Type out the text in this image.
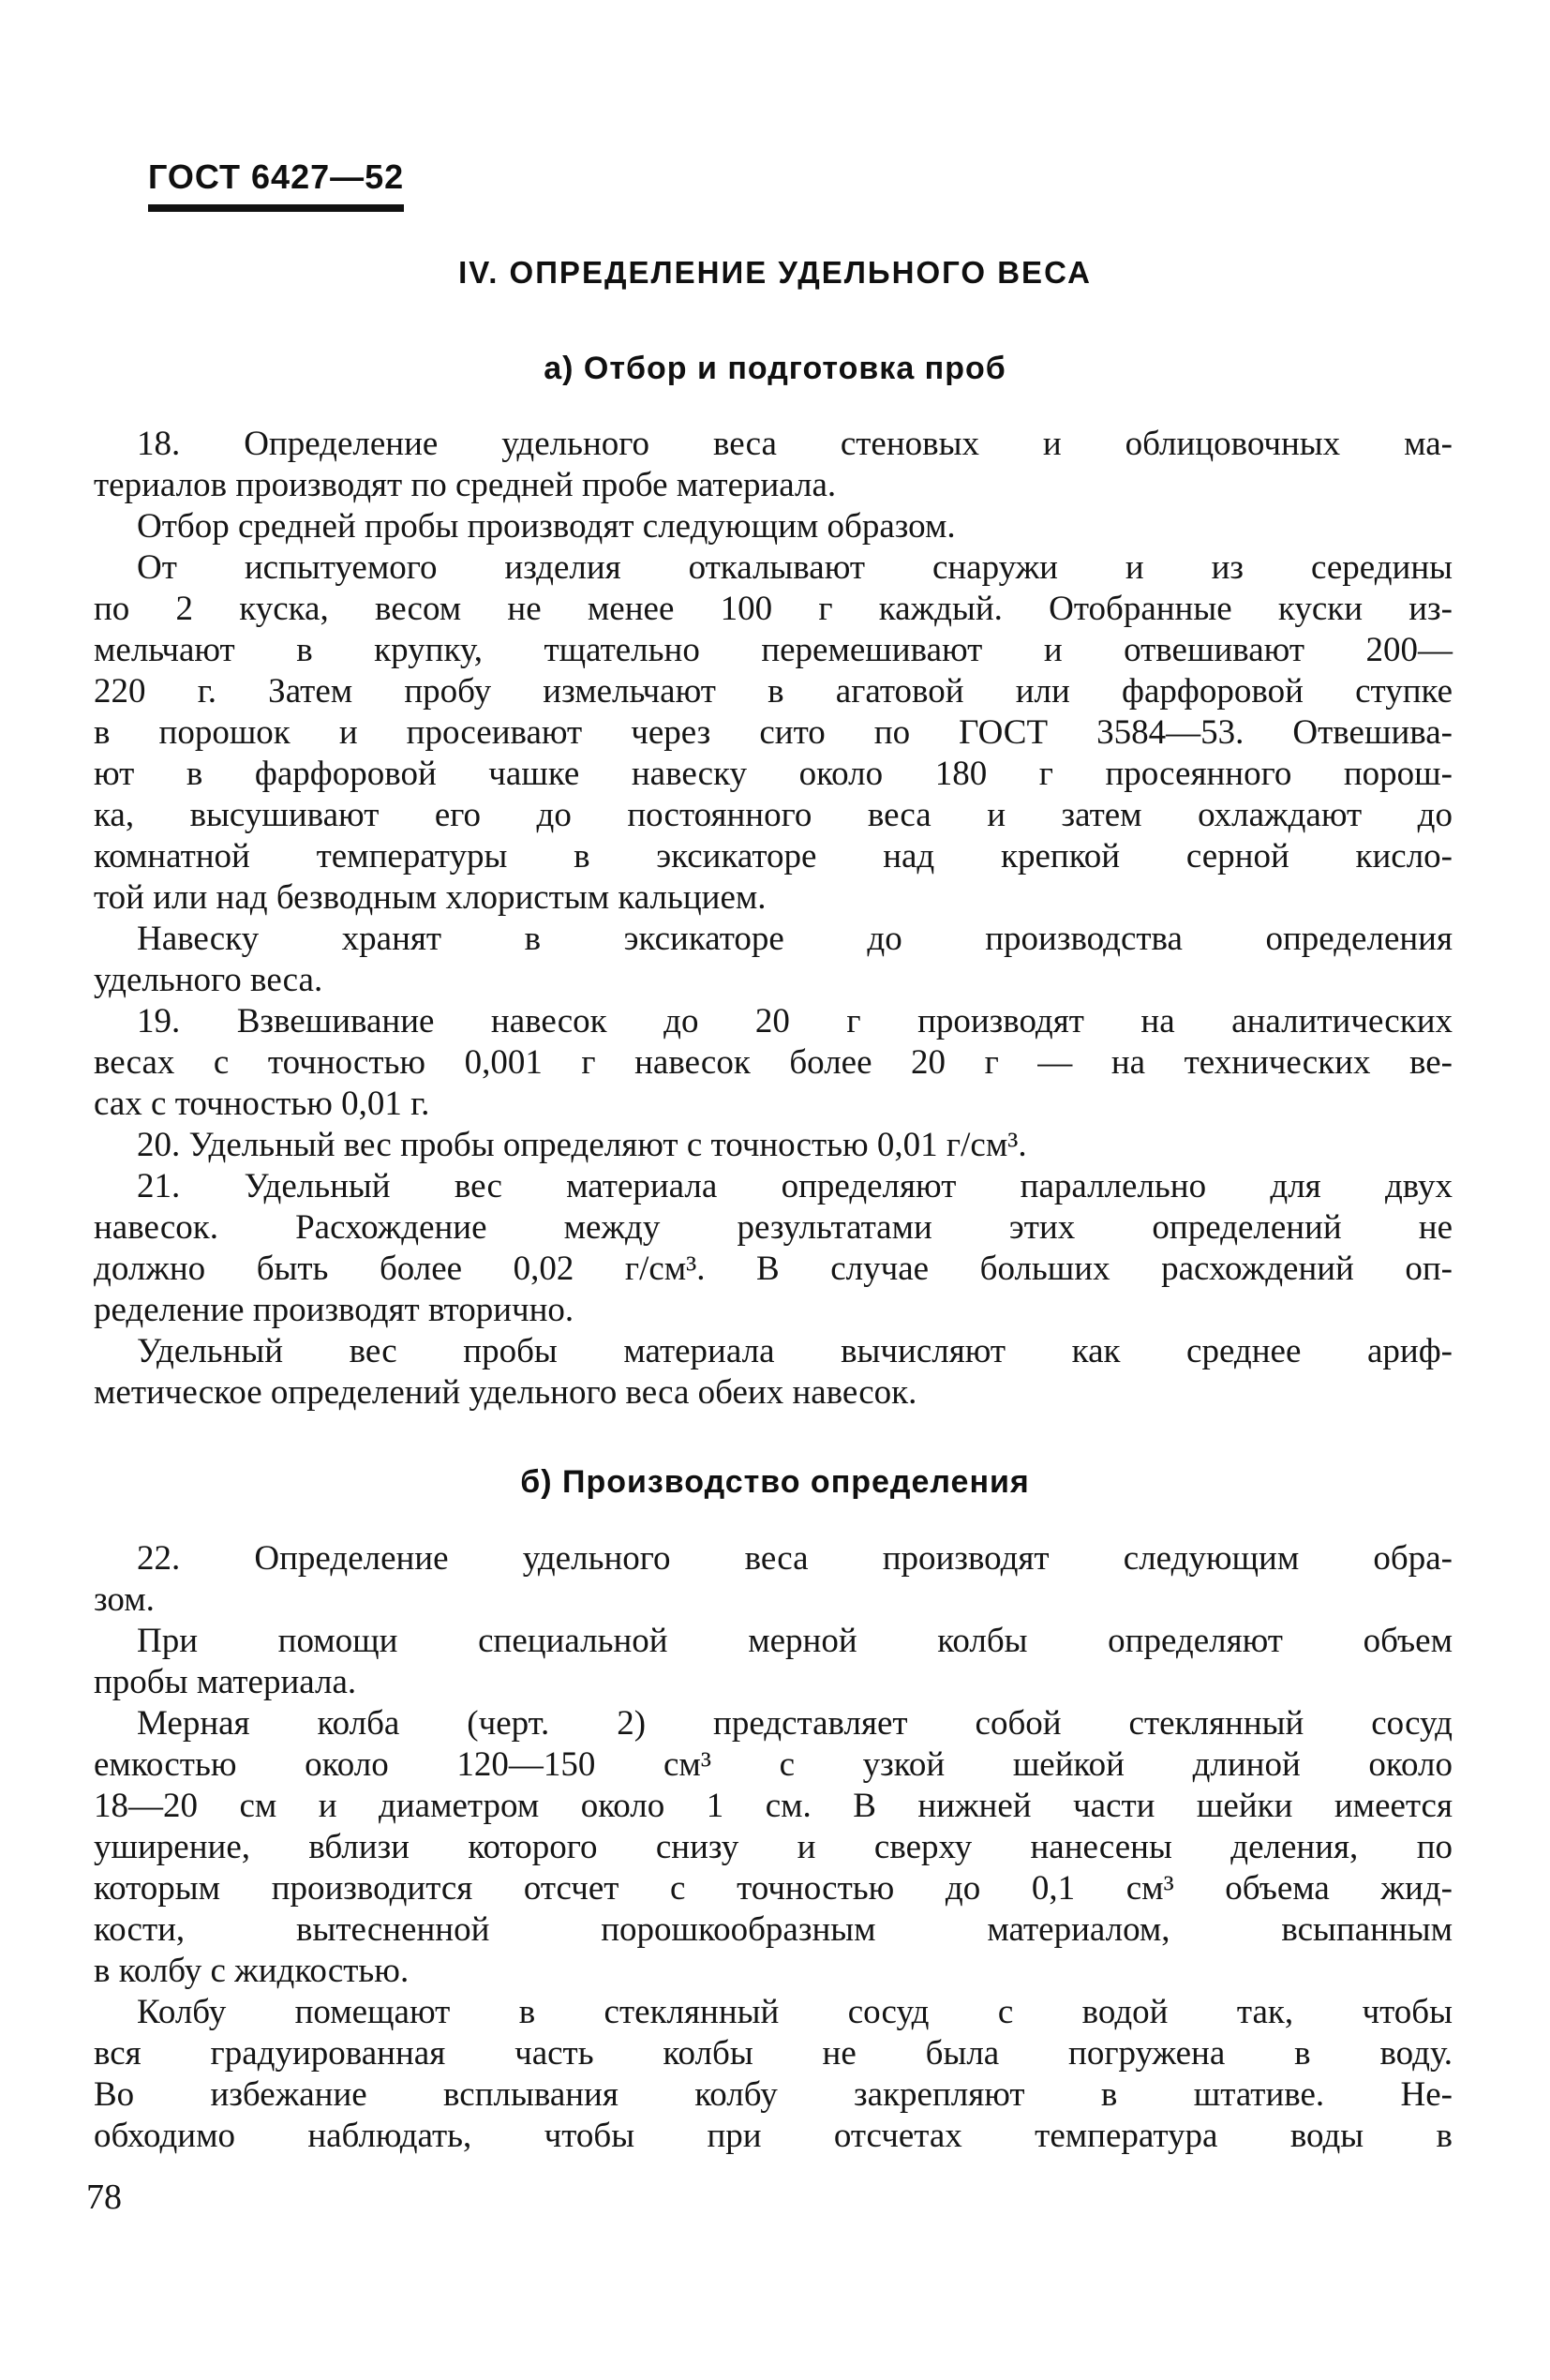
ГОСТ 6427—52
IV. ОПРЕДЕЛЕНИЕ УДЕЛЬНОГО ВЕСА
а) Отбор и подготовка проб
18. Определение удельного веса стеновых и облицовочных ма-
териалов производят по средней пробе материала.
Отбор средней пробы производят следующим образом.
От испытуемого изделия откалывают снаружи и из середины
по 2 куска, весом не менее 100 г каждый. Отобранные куски из-
мельчают в крупку, тщательно перемешивают и отвешивают 200—
220 г. Затем пробу измельчают в агатовой или фарфоровой ступке
в порошок и просеивают через сито по ГОСТ 3584—53. Отвешива-
ют в фарфоровой чашке навеску около 180 г просеянного порош-
ка, высушивают его до постоянного веса и затем охлаждают до
комнатной температуры в эксикаторе над крепкой серной кисло-
той или над безводным хлористым кальцием.
Навеску хранят в эксикаторе до производства определения
удельного веса.
19. Взвешивание навесок до 20 г производят на аналитических
весах с точностью 0,001 г навесок более 20 г — на технических ве-
сах с точностью 0,01 г.
20. Удельный вес пробы определяют с точностью 0,01 г/см³.
21. Удельный вес материала определяют параллельно для двух
навесок. Расхождение между результатами этих определений не
должно быть более 0,02 г/см³. В случае больших расхождений оп-
ределение производят вторично.
Удельный вес пробы материала вычисляют как среднее ариф-
метическое определений удельного веса обеих навесок.
б) Производство определения
22. Определение удельного веса производят следующим обра-
зом.
При помощи специальной мерной колбы определяют объем
пробы материала.
Мерная колба (черт. 2) представляет собой стеклянный сосуд
емкостью около 120—150 см³ с узкой шейкой длиной около
18—20 см и диаметром около 1 см. В нижней части шейки имеется
уширение, вблизи которого снизу и сверху нанесены деления, по
которым производится отсчет с точностью до 0,1 см³ объема жид-
кости, вытесненной порошкообразным материалом, всыпанным
в колбу с жидкостью.
Колбу помещают в стеклянный сосуд с водой так, чтобы
вся градуированная часть колбы не была погружена в воду.
Во избежание всплывания колбу закрепляют в штативе. Не-
обходимо наблюдать, чтобы при отсчетах температура воды в
78
